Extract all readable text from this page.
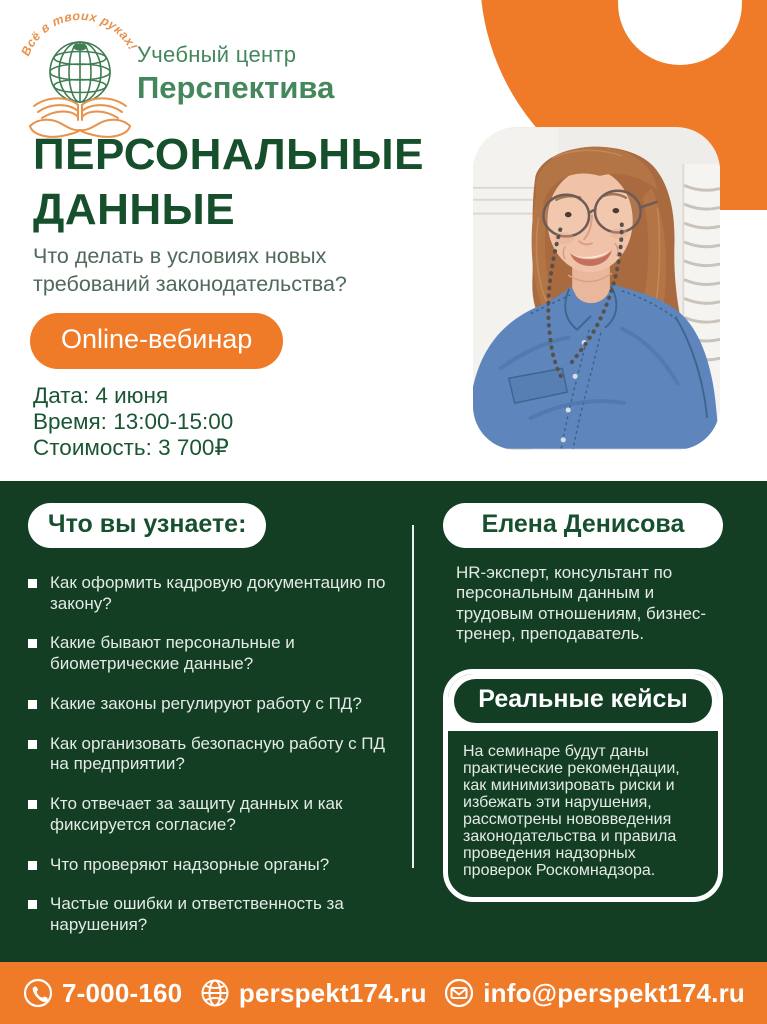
Всё в твоих руках!
Учебный центр
Перспектива
ПЕРСОНАЛЬНЫЕ ДАННЫЕ

Что делать в условиях новых требований законодательства?

Online-вебинар
Дата: 4 июня
Время: 13:00-15:00
Стоимость: 3 700₽
Что вы узнаете:
Как оформить кадровую документацию по закону?
Какие бывают персональные и биометрические данные?
Какие законы регулируют работу с ПД?
Как организовать безопасную работу с ПД на предприятии?
Кто отвечает за защиту данных и как фиксируется согласие?
Что проверяют надзорные органы?
Частые ошибки и ответственность за нарушения?
Елена Денисова

HR-эксперт, консультант по персональным данным и трудовым отношениям, бизнес-тренер, преподаватель.

Реальные кейсы

На семинаре будут даны практические рекомендации, как минимизировать риски и избежать эти нарушения, рассмотрены нововведения законодательства и правила проведения надзорных проверок Роскомнадзора.

7-000-160 perspekt174.ru info@perspekt174.ru
